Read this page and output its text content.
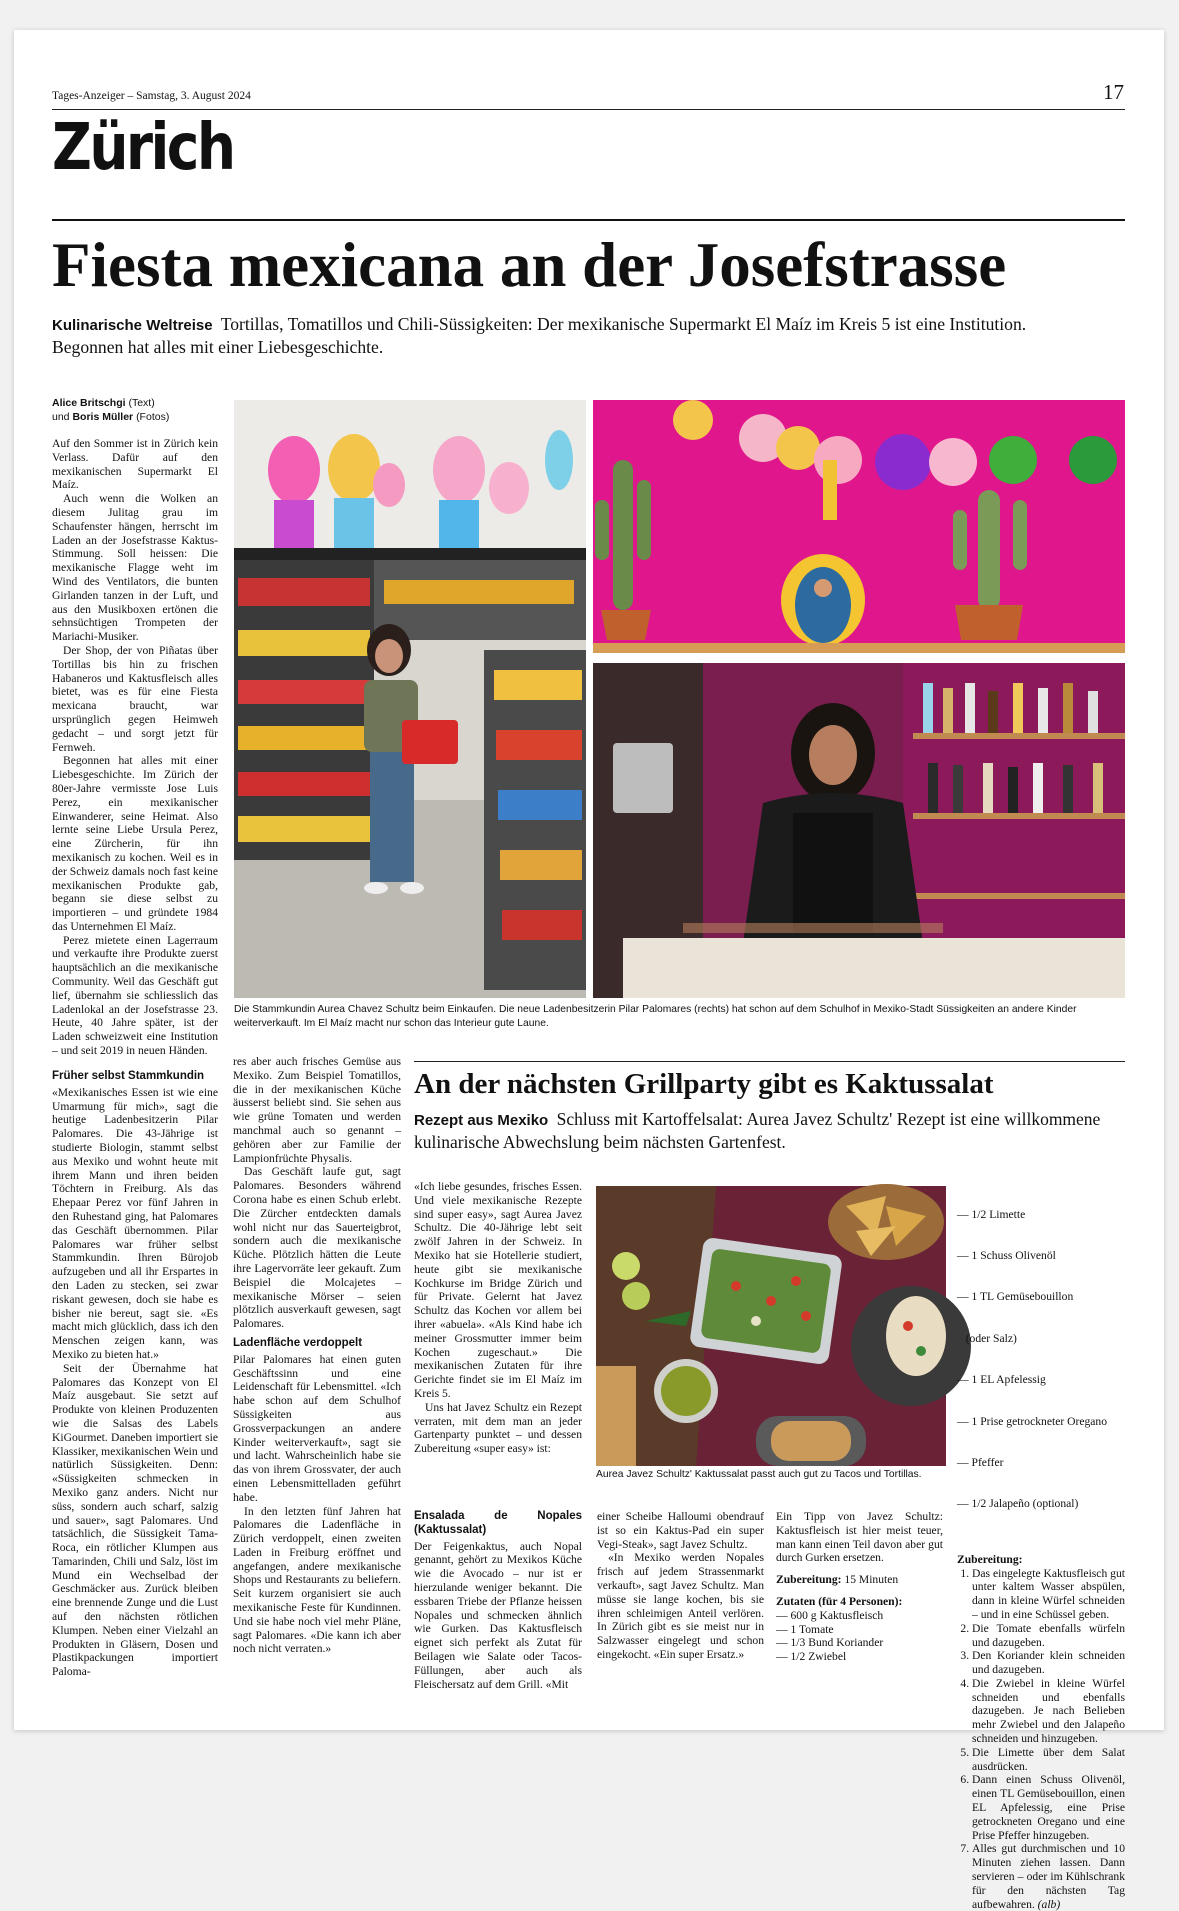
Tages-Anzeiger – Samstag, 3. August 2024	17
Zürich
Fiesta mexicana an der Josefstrasse
Kulinarische Weltreise Tortillas, Tomatillos und Chili-Süssigkeiten: Der mexikanische Supermarkt El Maíz im Kreis 5 ist eine Institution. Begonnen hat alles mit einer Liebesgeschichte.
Alice Britschgi (Text)
und Boris Müller (Fotos)
Die Stammkundin Aurea Chavez Schultz beim Einkaufen. Die neue Ladenbesitzerin Pilar Palomares (rechts) hat schon auf dem Schulhof in Mexiko-Stadt Süssigkeiten an andere Kinder weiterverkauft. Im El Maíz macht nur schon das Interieur gute Laune.

Auf den Sommer ist in Zürich kein Verlass. Dafür auf den mexikanischen Supermarkt El Maíz.

Auch wenn die Wolken an diesem Julitag grau im Schaufenster hängen, herrscht im Laden an der Josefstrasse Kaktus-Stimmung. Soll heissen: Die mexikanische Flagge weht im Wind des Ventilators, die bunten Girlanden tanzen in der Luft, und aus den Musikboxen ertönen die sehnsüchtigen Trompeten der Mariachi-Musiker.

Der Shop, der von Piñatas über Tortillas bis hin zu frischen Habaneros und Kaktusfleisch alles bietet, was es für eine Fiesta mexicana braucht, war ursprünglich gegen Heimweh gedacht – und sorgt jetzt für Fernweh.

Begonnen hat alles mit einer Liebesgeschichte. Im Zürich der 80er-Jahre vermisste Jose Luis Perez, ein mexikanischer Einwanderer, seine Heimat. Also lernte seine Liebe Ursula Perez, eine Zürcherin, für ihn mexikanisch zu kochen. Weil es in der Schweiz damals noch fast keine mexikanischen Produkte gab, begann sie diese selbst zu importieren – und gründete 1984 das Unternehmen El Maíz.

Perez mietete einen Lagerraum und verkaufte ihre Produkte zuerst hauptsächlich an die mexikanische Community. Weil das Geschäft gut lief, übernahm sie schliesslich das Ladenlokal an der Josefstrasse 23. Heute, 40 Jahre später, ist der Laden schweizweit eine Institution – und seit 2019 in neuen Händen.

Früher selbst Stammkundin

«Mexikanisches Essen ist wie eine Umarmung für mich», sagt die heutige Ladenbesitzerin Pilar Palomares. Die 43-Jährige ist studierte Biologin, stammt selbst aus Mexiko und wohnt heute mit ihrem Mann und ihren beiden Töchtern in Freiburg. Als das Ehepaar Perez vor fünf Jahren in den Ruhestand ging, hat Palomares das Geschäft übernommen. Pilar Palomares war früher selbst Stammkundin. Ihren Bürojob aufzugeben und all ihr Erspartes in den Laden zu stecken, sei zwar riskant gewesen, doch sie habe es bisher nie bereut, sagt sie. «Es macht mich glücklich, dass ich den Menschen zeigen kann, was Mexiko zu bieten hat.»

Seit der Übernahme hat Palomares das Konzept von El Maíz ausgebaut. Sie setzt auf Produkte von kleinen Produzenten wie die Salsas des Labels KiGourmet. Daneben importiert sie Klassiker, mexikanischen Wein und natürlich Süssigkeiten. Denn: «Süssigkeiten schmecken in Mexiko ganz anders. Nicht nur süss, sondern auch scharf, salzig und sauer», sagt Palomares. Und tatsächlich, die Süssigkeit Tama-Roca, ein rötlicher Klumpen aus Tamarinden, Chili und Salz, löst im Mund ein Wechselbad der Geschmäcker aus. Zurück bleiben eine brennende Zunge und die Lust auf den nächsten rötlichen Klumpen. Neben einer Vielzahl an Produkten in Gläsern, Dosen und Plastikpackungen importiert Paloma-

res aber auch frisches Gemüse aus Mexiko. Zum Beispiel Tomatillos, die in der mexikanischen Küche äusserst beliebt sind. Sie sehen aus wie grüne Tomaten und werden manchmal auch so genannt – gehören aber zur Familie der Lampionfrüchte Physalis.

Das Geschäft laufe gut, sagt Palomares. Besonders während Corona habe es einen Schub erlebt. Die Zürcher entdeckten damals wohl nicht nur das Sauerteigbrot, sondern auch die mexikanische Küche. Plötzlich hätten die Leute ihre Lagervorräte leer gekauft. Zum Beispiel die Molcajetes – mexikanische Mörser – seien plötzlich ausverkauft gewesen, sagt Palomares.

Ladenfläche verdoppelt

Pilar Palomares hat einen guten Geschäftssinn und eine Leidenschaft für Lebensmittel. «Ich habe schon auf dem Schulhof Süssigkeiten aus Grossverpackungen an andere Kinder weiterverkauft», sagt sie und lacht. Wahrscheinlich habe sie das von ihrem Grossvater, der auch einen Lebensmittelladen geführt habe.

In den letzten fünf Jahren hat Palomares die Ladenfläche in Zürich verdoppelt, einen zweiten Laden in Freiburg eröffnet und angefangen, andere mexikanische Shops und Restaurants zu beliefern. Seit kurzem organisiert sie auch mexikanische Feste für Kundinnen. Und sie habe noch viel mehr Pläne, sagt Palomares. «Die kann ich aber noch nicht verraten.»

An der nächsten Grillparty gibt es Kaktussalat
Rezept aus Mexiko Schluss mit Kartoffelsalat: Aurea Javez Schultz' Rezept ist eine willkommene kulinarische Abwechslung beim nächsten Gartenfest.

«Ich liebe gesundes, frisches Essen. Und viele mexikanische Rezepte sind super easy», sagt Aurea Javez Schultz. Die 40-Jährige lebt seit zwölf Jahren in der Schweiz. In Mexiko hat sie Hotellerie studiert, heute gibt sie mexikanische Kochkurse im Bridge Zürich und für Private. Gelernt hat Javez Schultz das Kochen vor allem bei ihrer «abuela». «Als Kind habe ich meiner Grossmutter immer beim Kochen zugeschaut.» Die mexikanischen Zutaten für ihre Gerichte findet sie im El Maíz im Kreis 5.

Uns hat Javez Schultz ein Rezept verraten, mit dem man an jeder Gartenparty punktet – und dessen Zubereitung «super easy» ist:

Ensalada de Nopales (Kaktussalat)

Der Feigenkaktus, auch Nopal genannt, gehört zu Mexikos Küche wie die Avocado – nur ist er hierzulande weniger bekannt. Die essbaren Triebe der Pflanze heissen Nopales und schmecken ähnlich wie Gurken. Das Kaktusfleisch eignet sich perfekt als Zutat für Beilagen wie Salate oder Tacos-Füllungen, aber auch als Fleischersatz auf dem Grill. «Mit

Aurea Javez Schultz' Kaktussalat passt auch gut zu Tacos und Tortillas.

einer Scheibe Halloumi obendrauf ist so ein Kaktus-Pad ein super Vegi-Steak», sagt Javez Schultz.

«In Mexiko werden Nopales frisch auf jedem Strassenmarkt verkauft», sagt Javez Schultz. Man müsse sie lange kochen, bis sie ihren schleimigen Anteil verlören. In Zürich gibt es sie meist nur in Salzwasser eingelegt und schon eingekocht. «Ein super Ersatz.»

Ein Tipp von Javez Schultz: Kaktusfleisch ist hier meist teuer, man kann einen Teil davon aber gut durch Gurken ersetzen.

Zubereitung: 15 Minuten

Zutaten (für 4 Personen):

— 600 g Kaktusfleisch
— 1 Tomate
— 1/3 Bund Koriander
— 1/2 Zwiebel

— 1/2 Limette

— 1 Schuss Olivenöl

— 1 TL Gemüsebouillon

(oder Salz)

— 1 EL Apfelessig

— 1 Prise getrockneter Oregano

— Pfeffer

— 1/2 Jalapeño (optional)

Zubereitung:

1. Das eingelegte Kaktusfleisch gut unter kaltem Wasser abspülen, dann in kleine Würfel schneiden – und in eine Schüssel geben.
2. Die Tomate ebenfalls würfeln und dazugeben.
3. Den Koriander klein schneiden und dazugeben.
4. Die Zwiebel in kleine Würfel schneiden und ebenfalls dazugeben. Je nach Belieben mehr Zwiebel und den Jalapeño schneiden und hinzugeben.
5. Die Limette über dem Salat ausdrücken.
6. Dann einen Schuss Olivenöl, einen TL Gemüsebouillon, einen EL Apfelessig, eine Prise getrockneten Oregano und eine Prise Pfeffer hinzugeben.
7. Alles gut durchmischen und 10 Minuten ziehen lassen. Dann servieren – oder im Kühlschrank für den nächsten Tag aufbewahren. (alb)
